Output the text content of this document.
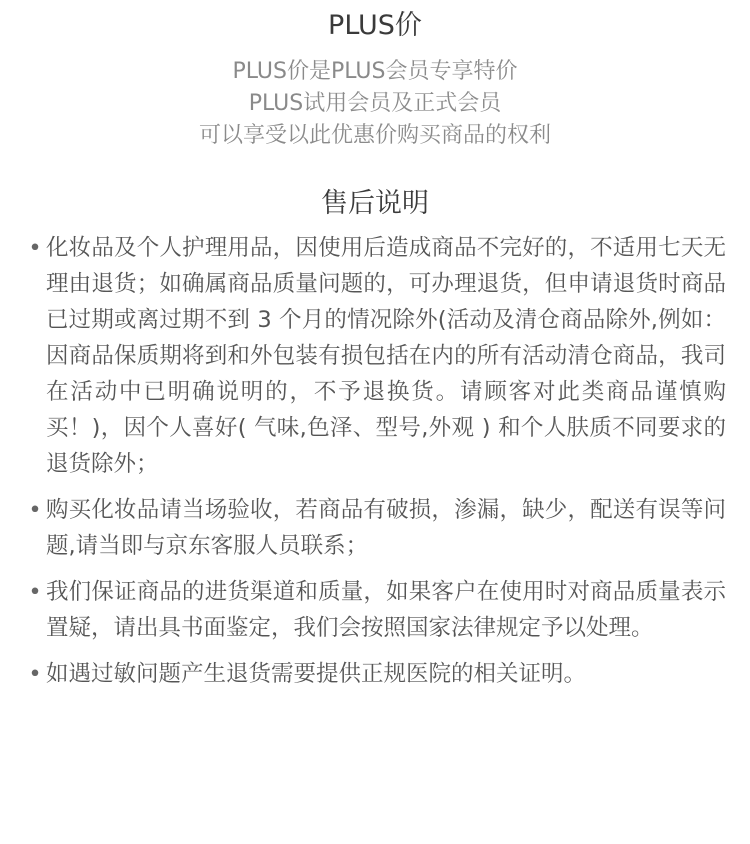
PLUS价
PLUS价是PLUS会员专享特价
PLUS试用会员及正式会员
可以享受以此优惠价购买商品的权利
售后说明
• 化妆品及个人护理用品，因使用后造成商品不完好的，不适用七天无理由退货；如确属商品质量问题的，可办理退货，但申请退货时商品已过期或离过期不到 3 个月的情况除外(活动及清仓商品除外,例如：因商品保质期将到和外包装有损包括在内的所有活动清仓商品，我司在活动中已明确说明的，不予退换货。请顾客对此类商品谨慎购买！)，因个人喜好( 气味,色泽、型号,外观 ) 和个人肤质不同要求的退货除外；
• 购买化妆品请当场验收，若商品有破损，渗漏，缺少，配送有误等问题,请当即与京东客服人员联系；
• 我们保证商品的进货渠道和质量，如果客户在使用时对商品质量表示置疑，请出具书面鉴定，我们会按照国家法律规定予以处理。
• 如遇过敏问题产生退货需要提供正规医院的相关证明。
